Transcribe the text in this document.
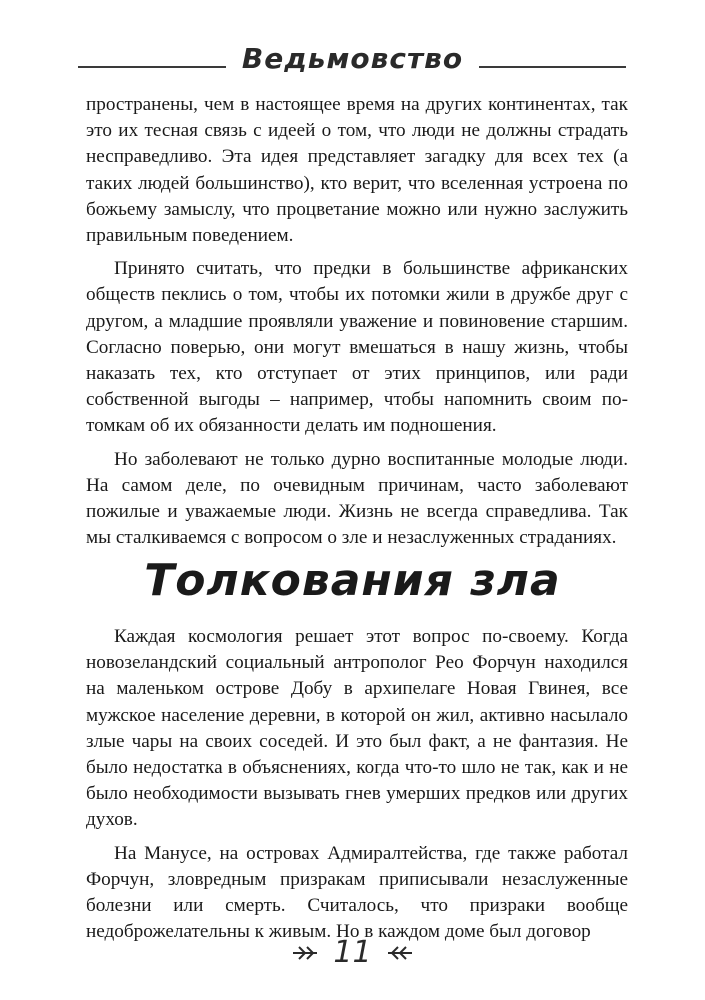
Ведьмовство

пространены, чем в настоящее время на других континентах, так это их тесная связь с идеей о том, что люди не должны страдать несправедливо. Эта идея представляет загадку для всех тех (а таких людей большинство), кто верит, что вселенная устроена по божьему замыслу, что процветание можно или нужно заслужить правильным поведением.

Принято считать, что предки в большинстве африканских обществ пеклись о том, чтобы их потомки жили в дружбе друг с другом, а младшие проявляли уважение и повиновение старшим. Согласно поверью, они могут вмешаться в нашу жизнь, чтобы наказать тех, кто отступает от этих принципов, или ради собственной выгоды – например, чтобы напомнить своим потомкам об их обязанности делать им подношения.

Но заболевают не только дурно воспитанные молодые люди. На самом деле, по очевидным причинам, часто заболевают пожилые и уважаемые люди. Жизнь не всегда справедлива. Так мы сталкиваемся с вопросом о зле и незаслуженных страданиях.

Толкования зла

Каждая космология решает этот вопрос по-своему. Когда новозеландский социальный антрополог Рео Форчун находился на маленьком острове Добу в архипелаге Новая Гвинея, все мужское население деревни, в которой он жил, активно насылало злые чары на своих соседей. И это был факт, а не фантазия. Не было недостатка в объяснениях, когда что-то шло не так, как и не было необходимости вызывать гнев умерших предков или других духов.

На Манусе, на островах Адмиралтейства, где также работал Форчун, зловредным призракам приписывали незаслуженные болезни или смерть. Считалось, что призраки вообще недоброжелательны к живым. Но в каждом доме был договор

11
